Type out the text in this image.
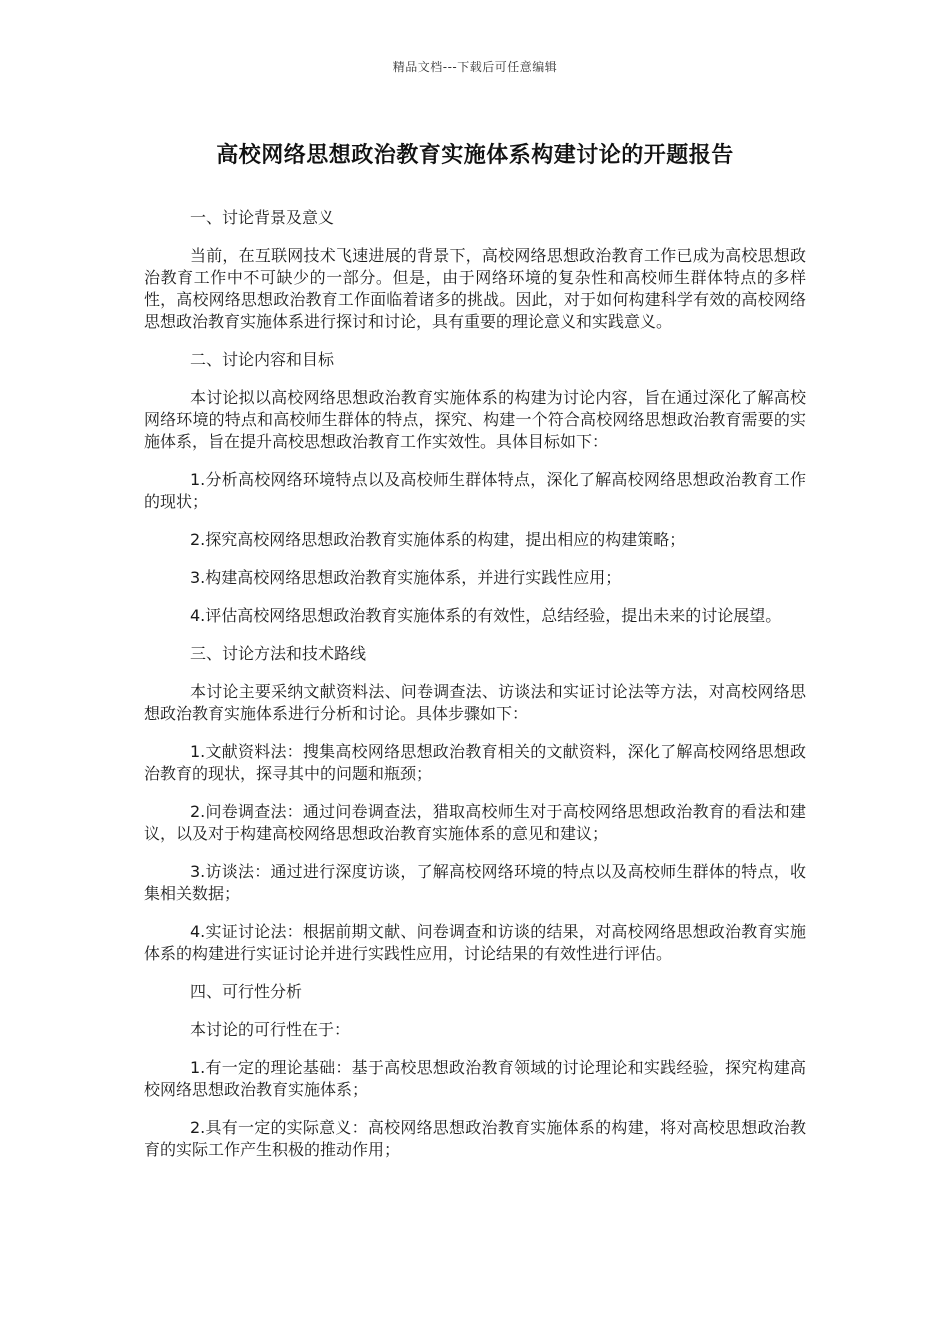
精品文档---下载后可任意编辑
高校网络思想政治教育实施体系构建讨论的开题报告

一、讨论背景及意义

当前，在互联网技术飞速进展的背景下，高校网络思想政治教育工作已成为高校思想政治教育工作中不可缺少的一部分。但是，由于网络环境的复杂性和高校师生群体特点的多样性，高校网络思想政治教育工作面临着诸多的挑战。因此，对于如何构建科学有效的高校网络思想政治教育实施体系进行探讨和讨论，具有重要的理论意义和实践意义。

二、讨论内容和目标

本讨论拟以高校网络思想政治教育实施体系的构建为讨论内容，旨在通过深化了解高校网络环境的特点和高校师生群体的特点，探究、构建一个符合高校网络思想政治教育需要的实施体系，旨在提升高校思想政治教育工作实效性。具体目标如下：

1.分析高校网络环境特点以及高校师生群体特点，深化了解高校网络思想政治教育工作的现状；

2.探究高校网络思想政治教育实施体系的构建，提出相应的构建策略；

3.构建高校网络思想政治教育实施体系，并进行实践性应用；

4.评估高校网络思想政治教育实施体系的有效性，总结经验，提出未来的讨论展望。

三、讨论方法和技术路线

本讨论主要采纳文献资料法、问卷调查法、访谈法和实证讨论法等方法，对高校网络思想政治教育实施体系进行分析和讨论。具体步骤如下：

1.文献资料法：搜集高校网络思想政治教育相关的文献资料，深化了解高校网络思想政治教育的现状，探寻其中的问题和瓶颈；

2.问卷调查法：通过问卷调查法，猎取高校师生对于高校网络思想政治教育的看法和建议，以及对于构建高校网络思想政治教育实施体系的意见和建议；

3.访谈法：通过进行深度访谈，了解高校网络环境的特点以及高校师生群体的特点，收集相关数据；

4.实证讨论法：根据前期文献、问卷调查和访谈的结果，对高校网络思想政治教育实施体系的构建进行实证讨论并进行实践性应用，讨论结果的有效性进行评估。

四、可行性分析

本讨论的可行性在于：

1.有一定的理论基础：基于高校思想政治教育领域的讨论理论和实践经验，探究构建高校网络思想政治教育实施体系；

2.具有一定的实际意义：高校网络思想政治教育实施体系的构建，将对高校思想政治教育的实际工作产生积极的推动作用；
